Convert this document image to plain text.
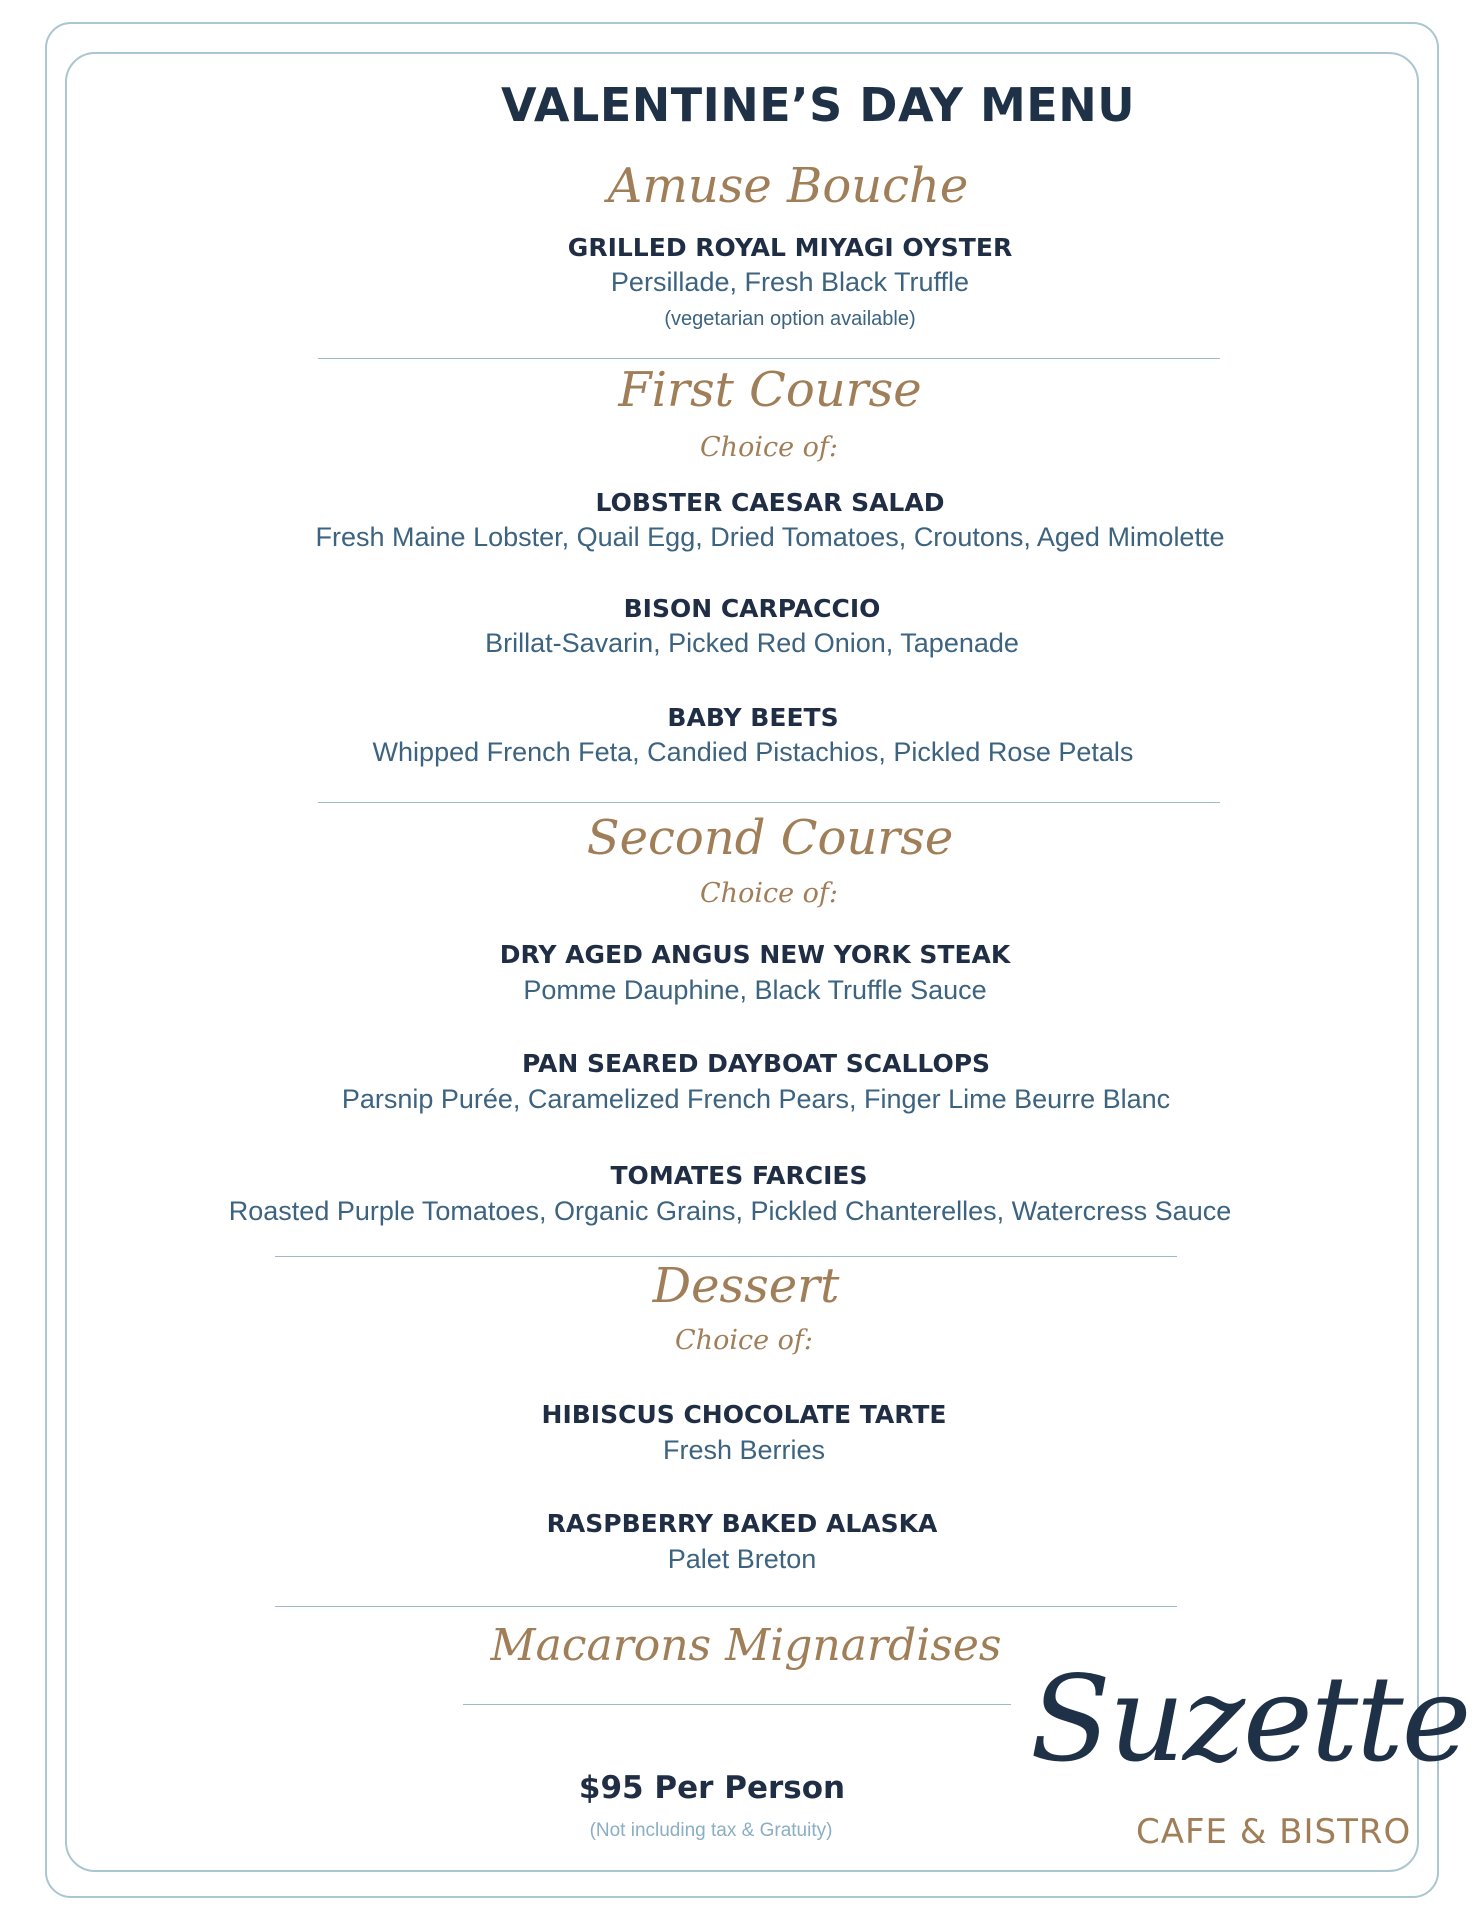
VALENTINE’S DAY MENU
Amuse Bouche
GRILLED ROYAL MIYAGI OYSTER
Persillade, Fresh Black Truffle
(vegetarian option available)
First Course
Choice of:
LOBSTER CAESAR SALAD
Fresh Maine Lobster, Quail Egg, Dried Tomatoes, Croutons, Aged Mimolette
BISON CARPACCIO
Brillat-Savarin, Picked Red Onion, Tapenade
BABY BEETS
Whipped French Feta, Candied Pistachios, Pickled Rose Petals
Second Course
Choice of:
DRY AGED ANGUS NEW YORK STEAK
Pomme Dauphine, Black Truffle Sauce
PAN SEARED DAYBOAT SCALLOPS
Parsnip Purée, Caramelized French Pears, Finger Lime Beurre Blanc
TOMATES FARCIES
Roasted Purple Tomatoes, Organic Grains, Pickled Chanterelles, Watercress Sauce
Dessert
Choice of:
HIBISCUS CHOCOLATE TARTE
Fresh Berries
RASPBERRY BAKED ALASKA
Palet Breton
Macarons Mignardises
$95 Per Person
(Not including tax & Gratuity)
Suzette
CAFE & BISTRO
